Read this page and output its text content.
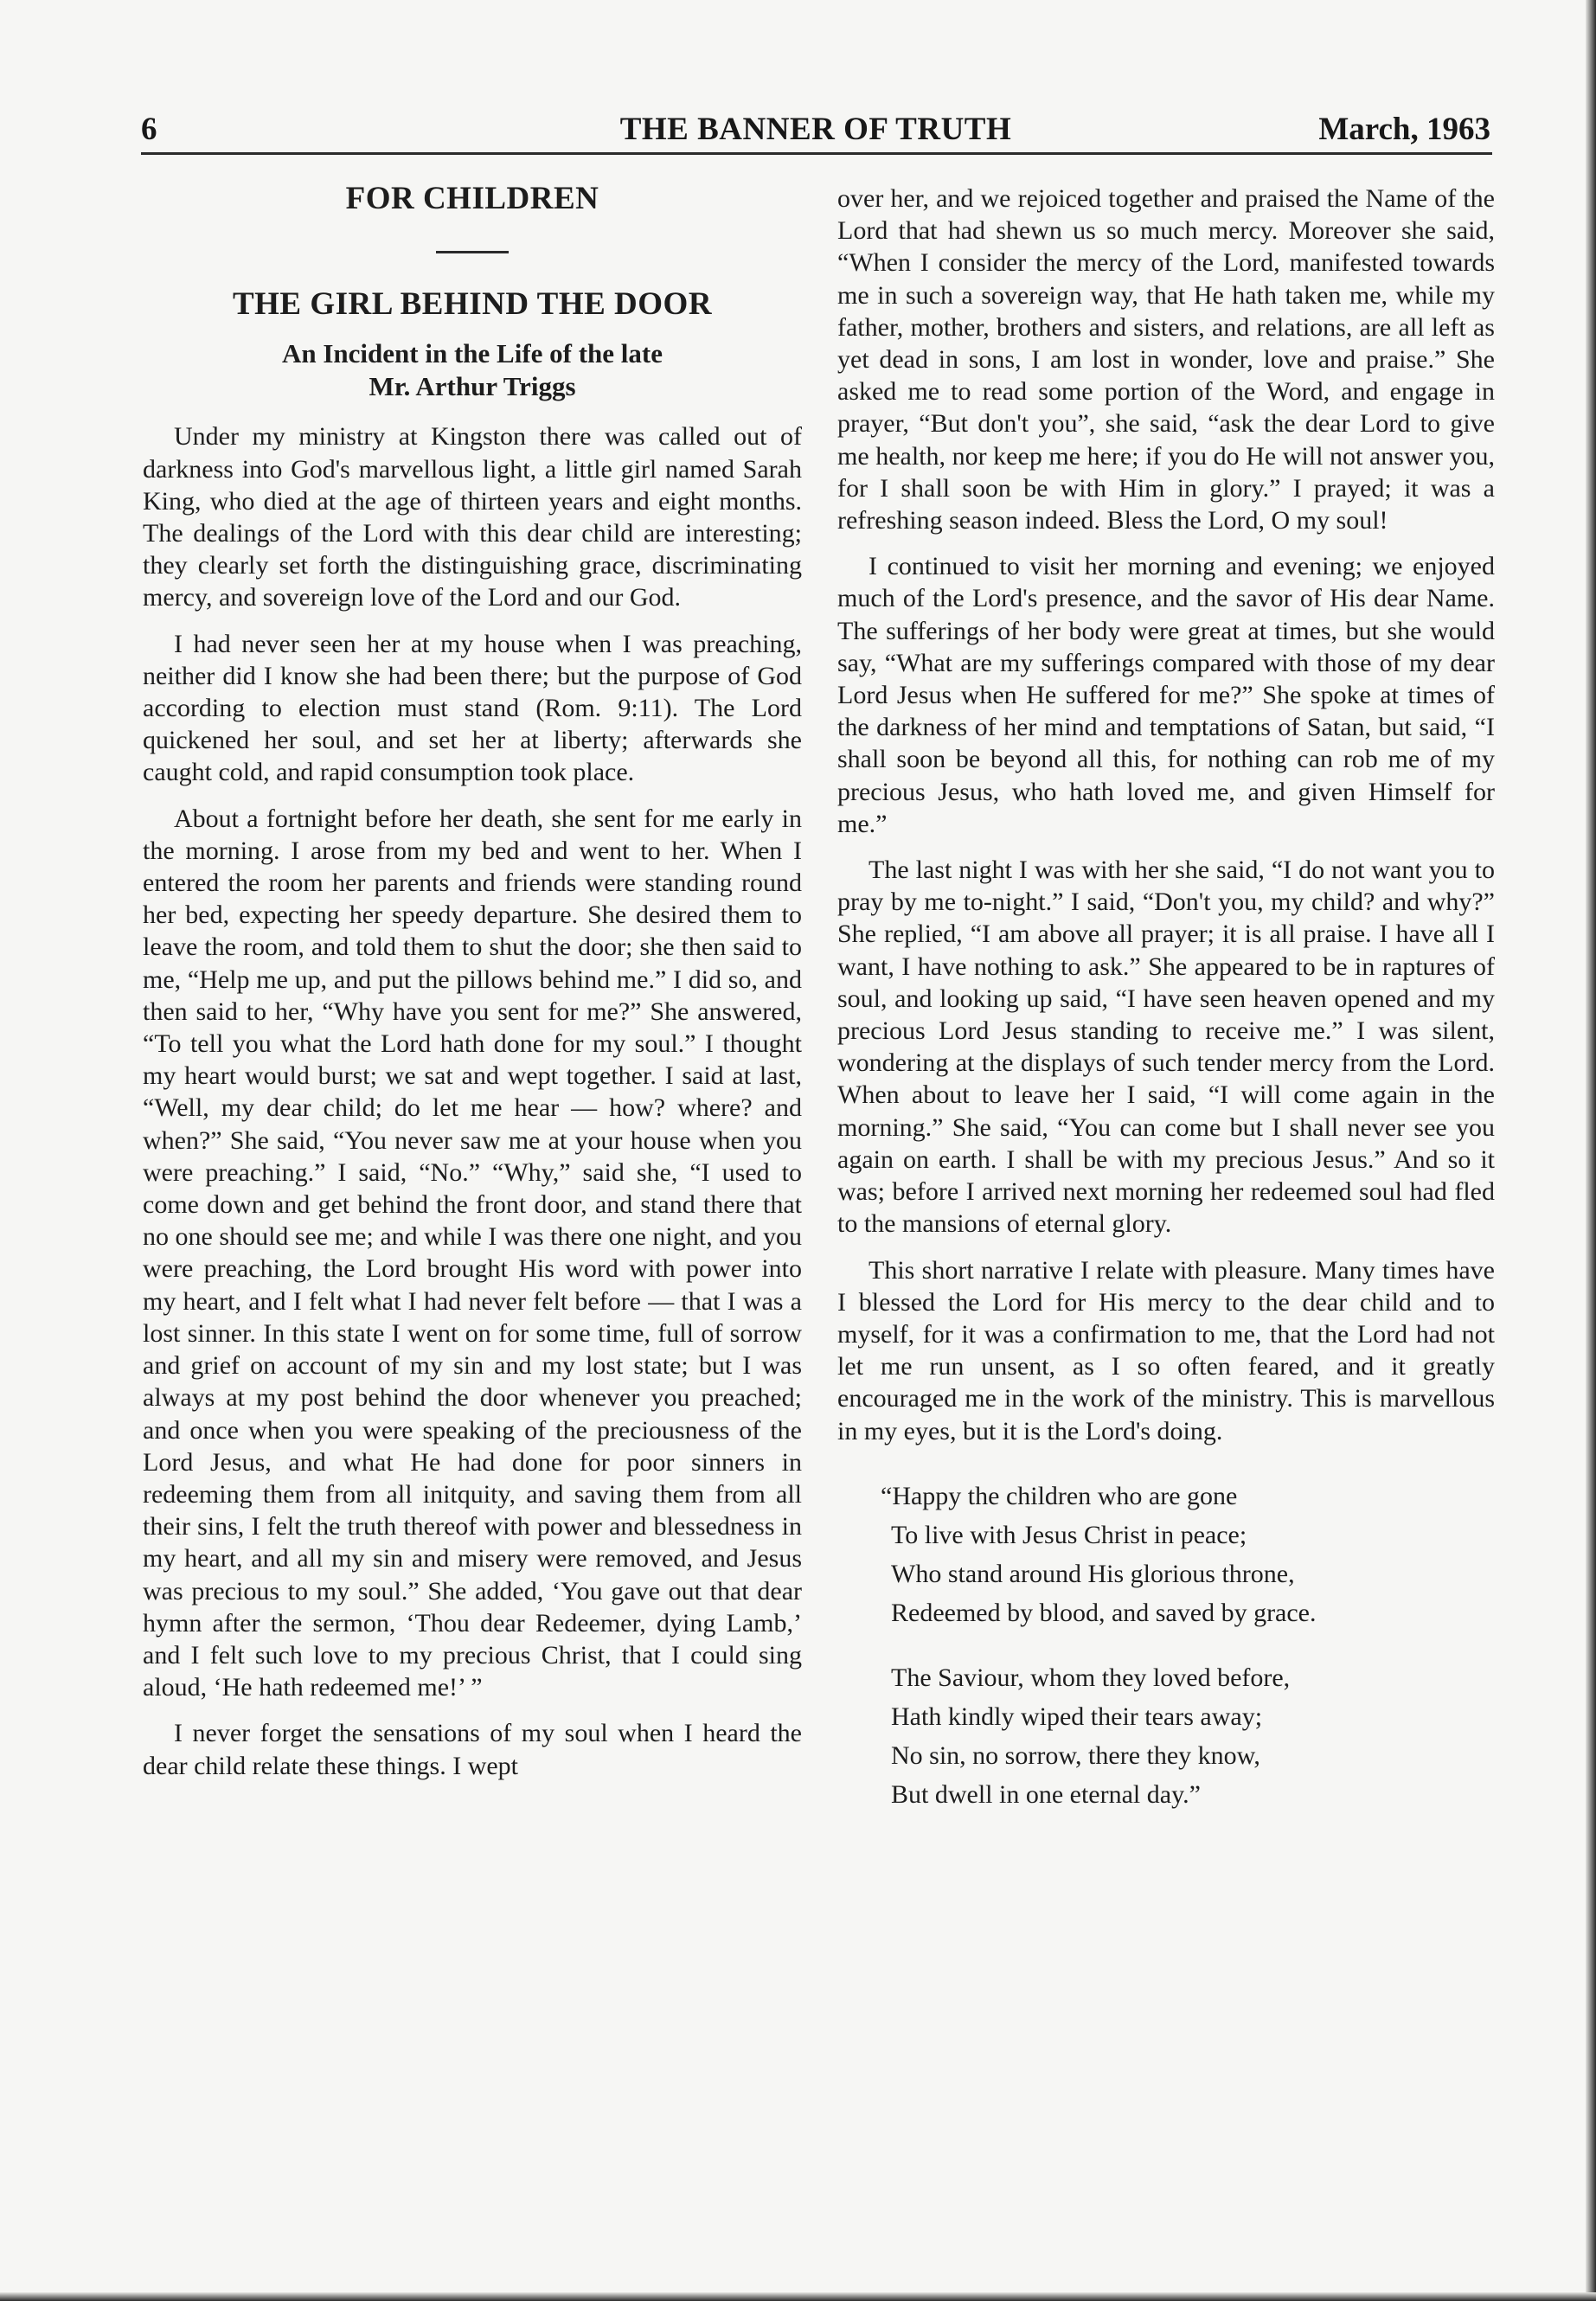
6	THE BANNER OF TRUTH	March, 1963
FOR CHILDREN
THE GIRL BEHIND THE DOOR
An Incident in the Life of the late
Mr. Arthur Triggs

Under my ministry at Kingston there was called out of darkness into God's marvellous light, a little girl named Sarah King, who died at the age of thirteen years and eight months. The dealings of the Lord with this dear child are interesting; they clearly set forth the distinguishing grace, discriminating mercy, and sovereign love of the Lord and our God.

I had never seen her at my house when I was preaching, neither did I know she had been there; but the purpose of God according to election must stand (Rom. 9:11). The Lord quickened her soul, and set her at liberty; afterwards she caught cold, and rapid consumption took place.

About a fortnight before her death, she sent for me early in the morning. I arose from my bed and went to her. When I entered the room her parents and friends were standing round her bed, expecting her speedy departure. She desired them to leave the room, and told them to shut the door; she then said to me, “Help me up, and put the pillows behind me.” I did so, and then said to her, “Why have you sent for me?” She answered, “To tell you what the Lord hath done for my soul.” I thought my heart would burst; we sat and wept together. I said at last, “Well, my dear child; do let me hear — how? where? and when?” She said, “You never saw me at your house when you were preaching.” I said, “No.” “Why,” said she, “I used to come down and get behind the front door, and stand there that no one should see me; and while I was there one night, and you were preaching, the Lord brought His word with power into my heart, and I felt what I had never felt before — that I was a lost sinner. In this state I went on for some time, full of sorrow and grief on account of my sin and my lost state; but I was always at my post behind the door whenever you preached; and once when you were speaking of the preciousness of the Lord Jesus, and what He had done for poor sinners in redeeming them from all initquity, and saving them from all their sins, I felt the truth thereof with power and blessedness in my heart, and all my sin and misery were removed, and Jesus was precious to my soul.” She added, ‘You gave out that dear hymn after the sermon, ‘Thou dear Redeemer, dying Lamb,’ and I felt such love to my precious Christ, that I could sing aloud, ‘He hath redeemed me!’ ”

I never forget the sensations of my soul when I heard the dear child relate these things. I wept

over her, and we rejoiced together and praised the Name of the Lord that had shewn us so much mercy. Moreover she said, “When I consider the mercy of the Lord, manifested towards me in such a sovereign way, that He hath taken me, while my father, mother, brothers and sisters, and relations, are all left as yet dead in sons, I am lost in wonder, love and praise.” She asked me to read some portion of the Word, and engage in prayer, “But don't you”, she said, “ask the dear Lord to give me health, nor keep me here; if you do He will not answer you, for I shall soon be with Him in glory.” I prayed; it was a refreshing season indeed. Bless the Lord, O my soul!

I continued to visit her morning and evening; we enjoyed much of the Lord's presence, and the savor of His dear Name. The sufferings of her body were great at times, but she would say, “What are my sufferings compared with those of my dear Lord Jesus when He suffered for me?” She spoke at times of the darkness of her mind and temptations of Satan, but said, “I shall soon be beyond all this, for nothing can rob me of my precious Jesus, who hath loved me, and given Himself for me.”

The last night I was with her she said, “I do not want you to pray by me to-night.” I said, “Don't you, my child? and why?” She replied, “I am above all prayer; it is all praise. I have all I want, I have nothing to ask.” She appeared to be in raptures of soul, and looking up said, “I have seen heaven opened and my precious Lord Jesus standing to receive me.” I was silent, wondering at the displays of such tender mercy from the Lord. When about to leave her I said, “I will come again in the morning.” She said, “You can come but I shall never see you again on earth. I shall be with my precious Jesus.” And so it was; before I arrived next morning her redeemed soul had fled to the mansions of eternal glory.

This short narrative I relate with pleasure. Many times have I blessed the Lord for His mercy to the dear child and to myself, for it was a confirmation to me, that the Lord had not let me run unsent, as I so often feared, and it greatly encouraged me in the work of the ministry. This is marvellous in my eyes, but it is the Lord's doing.

“Happy the children who are gone
To live with Jesus Christ in peace;
Who stand around His glorious throne,
Redeemed by blood, and saved by grace.
The Saviour, whom they loved before,
Hath kindly wiped their tears away;
No sin, no sorrow, there they know,
But dwell in one eternal day.”
